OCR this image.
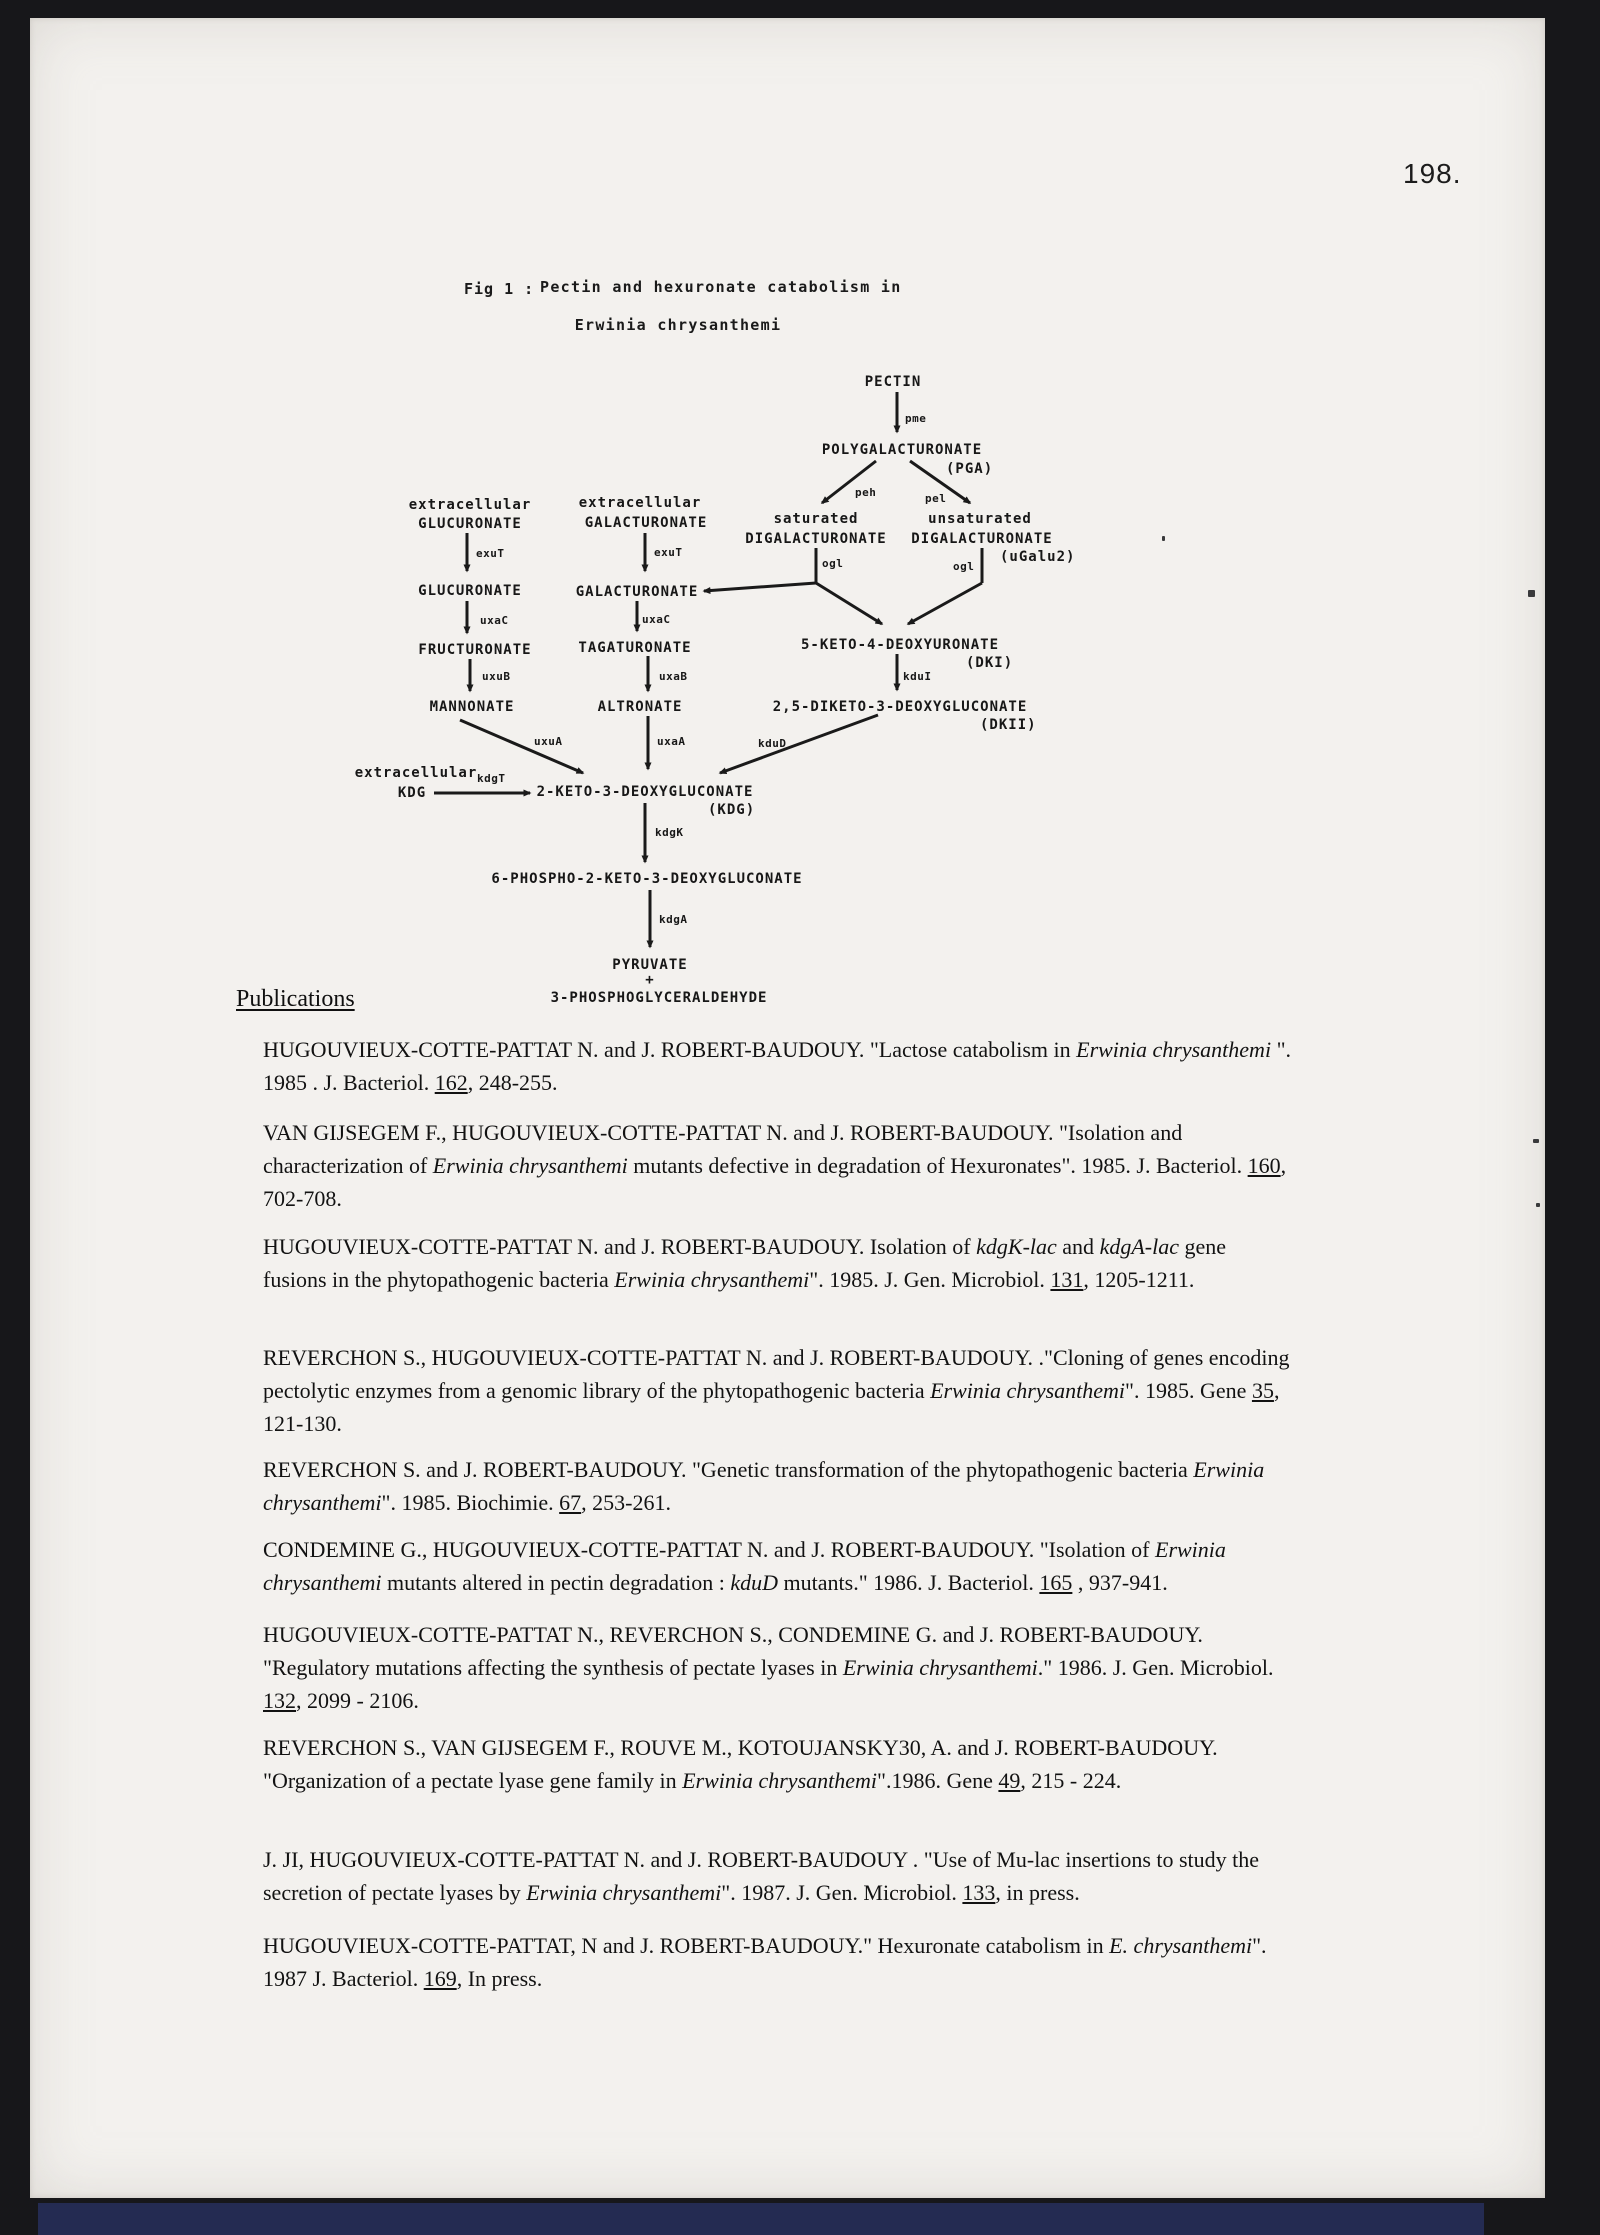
198.
Fig 1 : Pectin and hexuronate catabolism in
Erwinia chrysanthemi
PECTIN
POLYGALACTURONATE
(PGA)
extracellular
GLUCURONATE
extracellular
GALACTURONATE	saturated
DIGALACTURONATE
unsaturated
DIGALACTURONATE
(uGalu2)
GLUCURONATE	GALACTURONATE
FRUCTURONATE	TAGATURONATE	5-KETO-4-DEOXYURONATE
(DKI)
MANNONATE	ALTRONATE	2,5-DIKETO-3-DEOXYGLUCONATE
(DKII)
extracellular
KDG	2-KETO-3-DEOXYGLUCONATE
(KDG)
6-PHOSPHO-2-KETO-3-DEOXYGLUCONATE
PYRUVATE
+
3-PHOSPHOGLYCERALDEHYDE
pme
peh	pel
exuT	exuT
ogl	ogl
uxaC	uxaC
uxuB	uxaB
uxuA	uxaA
kduI
kduD
kdgT
kdgK
kdgA
Publications
HUGOUVIEUX-COTTE-PATTAT N. and J. ROBERT-BAUDOUY. "Lactose catabolism in Erwinia chrysanthemi ". 1985 . J. Bacteriol. 162, 248-255.
VAN GIJSEGEM F., HUGOUVIEUX-COTTE-PATTAT N. and J. ROBERT-BAUDOUY. "Isolation and characterization of Erwinia chrysanthemi mutants defective in degradation of Hexuronates". 1985. J. Bacteriol. 160, 702-708.
HUGOUVIEUX-COTTE-PATTAT N. and J. ROBERT-BAUDOUY. Isolation of kdgK-lac and kdgA-lac gene fusions in the phytopathogenic bacteria Erwinia chrysanthemi". 1985. J. Gen. Microbiol. 131, 1205-1211.
REVERCHON S., HUGOUVIEUX-COTTE-PATTAT N. and J. ROBERT-BAUDOUY. ."Cloning of genes encoding pectolytic enzymes from a genomic library of the phytopathogenic bacteria Erwinia chrysanthemi". 1985. Gene 35, 121-130.
REVERCHON S. and J. ROBERT-BAUDOUY. "Genetic transformation of the phytopathogenic bacteria Erwinia chrysanthemi". 1985. Biochimie. 67, 253-261.
CONDEMINE G., HUGOUVIEUX-COTTE-PATTAT N. and J. ROBERT-BAUDOUY. "Isolation of Erwinia chrysanthemi mutants altered in pectin degradation : kduD mutants." 1986. J. Bacteriol. 165 , 937-941.
HUGOUVIEUX-COTTE-PATTAT N., REVERCHON S., CONDEMINE G. and J. ROBERT-BAUDOUY. "Regulatory mutations affecting the synthesis of pectate lyases in Erwinia chrysanthemi." 1986. J. Gen. Microbiol. 132, 2099 - 2106.
REVERCHON S., VAN GIJSEGEM F., ROUVE M., KOTOUJANSKY30, A. and J. ROBERT-BAUDOUY. "Organization of a pectate lyase gene family in Erwinia chrysanthemi".1986. Gene 49, 215 - 224.
J. JI, HUGOUVIEUX-COTTE-PATTAT N. and J. ROBERT-BAUDOUY . "Use of Mu-lac insertions to study the secretion of pectate lyases by Erwinia chrysanthemi". 1987. J. Gen. Microbiol. 133, in press.
HUGOUVIEUX-COTTE-PATTAT, N and J. ROBERT-BAUDOUY." Hexuronate catabolism in E. chrysanthemi". 1987 J. Bacteriol. 169, In press.
